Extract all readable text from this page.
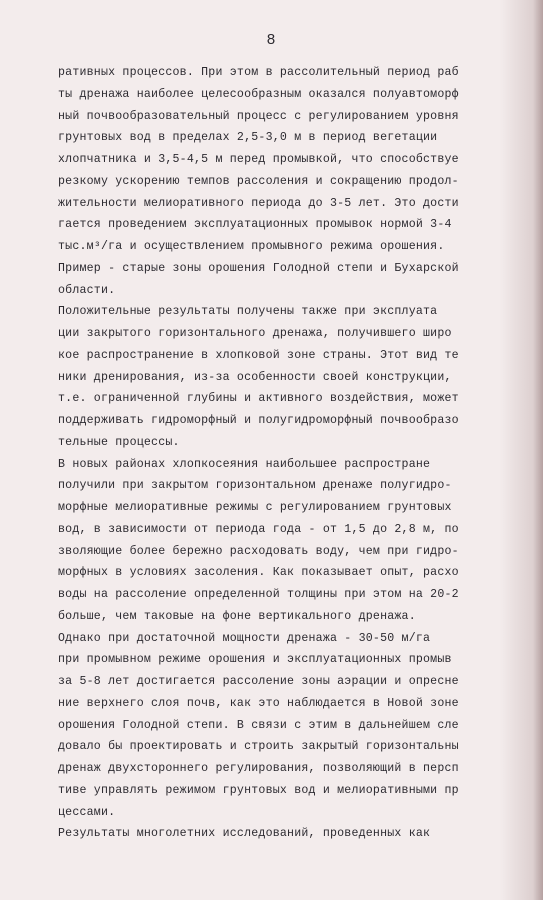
8
ративных процессов. При этом в рассолительный период раб
ты дренажа наиболее целесообразным оказался полуавтоморф
ный почвообразовательный процесс с регулированием уровня
грунтовых вод в пределах 2,5-3,0 м в период вегетации
хлопчатника и 3,5-4,5 м перед промывкой, что способствуе
резкому ускорению темпов рассоления и сокращению продол-
жительности мелиоративного периода до 3-5 лет. Это дости
гается проведением эксплуатационных промывок нормой 3-4
тыс.м³/га и осуществлением промывного режима орошения.
Пример - старые зоны орошения Голодной степи и Бухарской
области.
Положительные результаты получены также при эксплуата
ции закрытого горизонтального дренажа, получившего широ
кое распространение в хлопковой зоне страны. Этот вид те
ники дренирования, из-за особенности своей конструкции,
т.е. ограниченной глубины и активного воздействия, может
поддерживать гидроморфный и полугидроморфный почвообразо
тельные процессы.
В новых районах хлопкосеяния наибольшее распростране
получили при закрытом горизонтальном дренаже полугидро-
морфные мелиоративные режимы с регулированием грунтовых
вод, в зависимости от периода года - от 1,5 до 2,8 м, по
зволяющие более бережно расходовать воду, чем при гидро-
морфных в условиях засоления. Как показывает опыт, расхо
воды на рассоление определенной толщины при этом на 20-2
больше, чем таковые на фоне вертикального дренажа.
Однако при достаточной мощности дренажа - 30-50 м/га
при промывном режиме орошения и эксплуатационных промыв
за 5-8 лет достигается рассоление зоны аэрации и опресне
ние верхнего слоя почв, как это наблюдается в Новой зоне
орошения Голодной степи. В связи с этим в дальнейшем сле
довало бы проектировать и строить закрытый горизонтальны
дренаж двухстороннего регулирования, позволяющий в персп
тиве управлять режимом грунтовых вод и мелиоративными пр
цессами.
Результаты многолетних исследований, проведенных как
